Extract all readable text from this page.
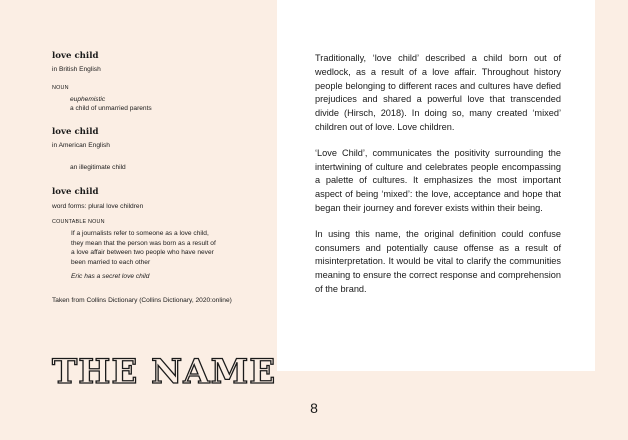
love child
in British English
NOUN
euphemistic
a child of unmarried parents
love child
in American English
an illegitimate child
love child
word forms: plural love children
COUNTABLE NOUN
If a journalists refer to someone as a love child,
they mean that the person was born as a result of
a love affair between two people who have never
been married to each other
Eric has a secret love child
Taken from Collins Dictionary (Collins Dictionary, 2020:online)
THE NAME

Traditionally, ‘love child’ described a child born out of wedlock, as a result of a love affair. Throughout history people belonging to different races and cultures have defied prejudices and shared a powerful love that transcended divide (Hirsch, 2018). In doing so, many created ‘mixed’ children out of love. Love children.

‘Love Child’, communicates the positivity surrounding the intertwining of culture and celebrates people encompassing a palette of cultures. It emphasizes the most important aspect of being ‘mixed’: the love, acceptance and hope that began their journey and forever exists within their being.

In using this name, the original definition could confuse consumers and potentially cause offense as a result of misinterpretation. It would be vital to clarify the communities meaning to ensure the correct response and comprehension of the brand.

8
